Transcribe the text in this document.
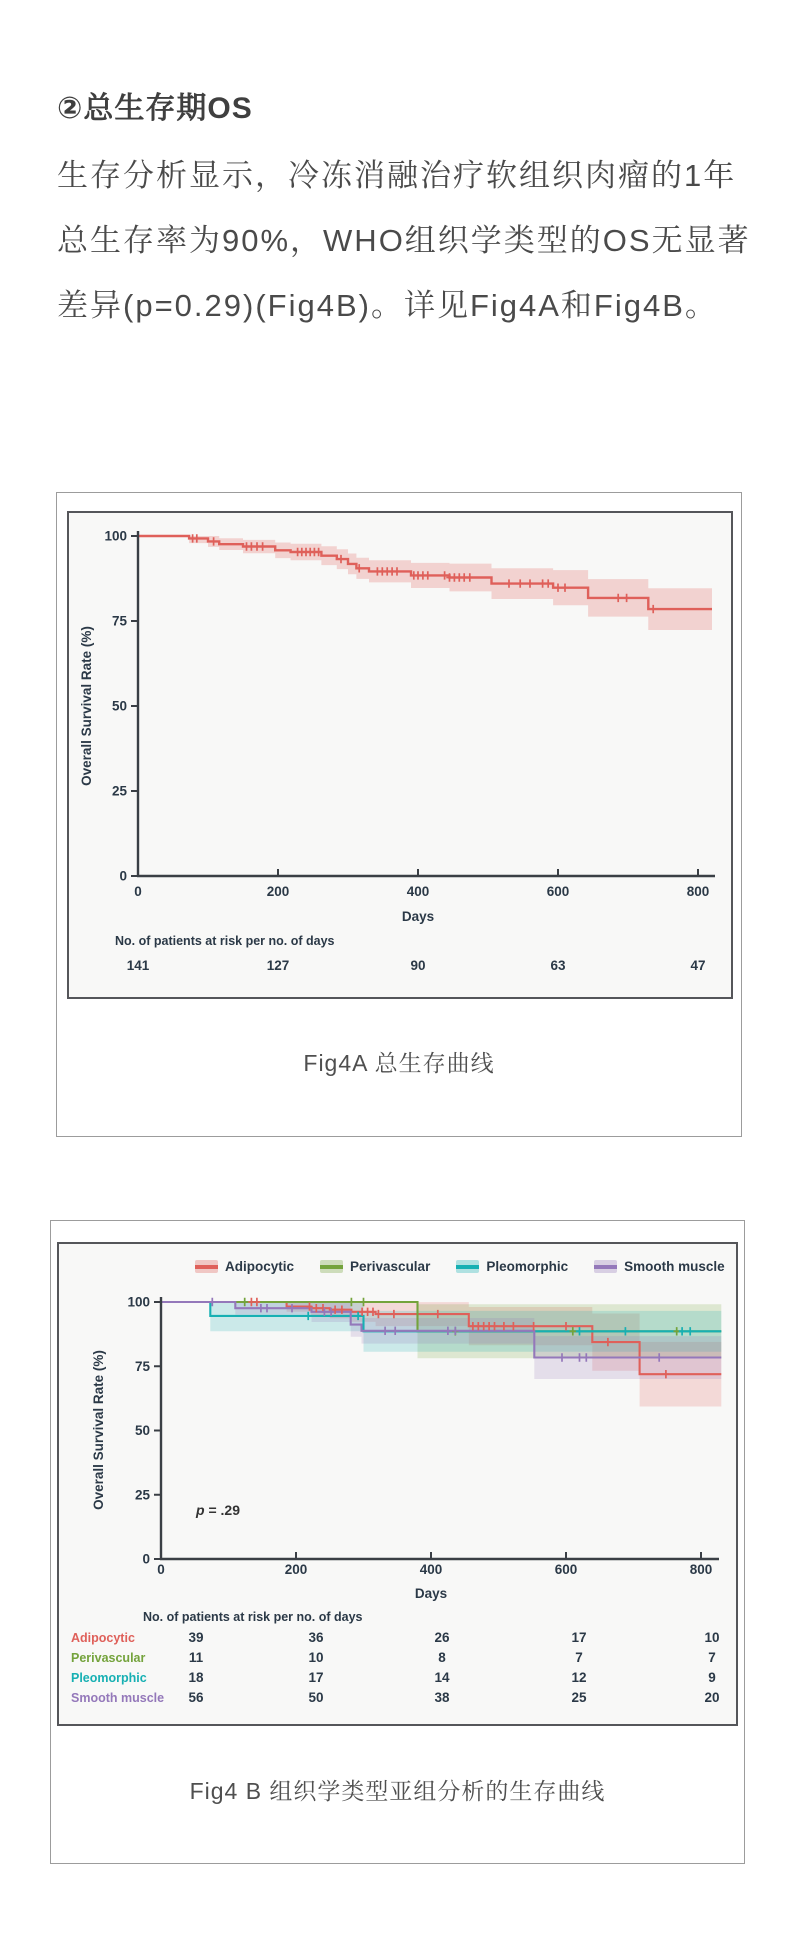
②总生存期OS
生存分析显示，冷冻消融治疗软组织肉瘤的1年
总生存率为90%，WHO组织学类型的OS无显著
差异(p=0.29)(Fig4B)。详见Fig4A和Fig4B。
0
25
50
75
100
0	200	400	600	800
Overall Survival Rate (%)
Days
No. of patients at risk per no. of days
141	127	90	63	47
Fig4A 总生存曲线
Adipocytic	Perivascular	Pleomorphic	Smooth muscle
0
25
50
75
100
0	200	400	600	800
Overall Survival Rate (%)
Days
p = .29
No. of patients at risk per no. of days
Adipocytic	39	36	26	17	10
Perivascular	11	10	8	7	7
Pleomorphic	18	17	14	12	9
Smooth muscle 56	50	38	25	20
Fig4 B 组织学类型亚组分析的生存曲线
